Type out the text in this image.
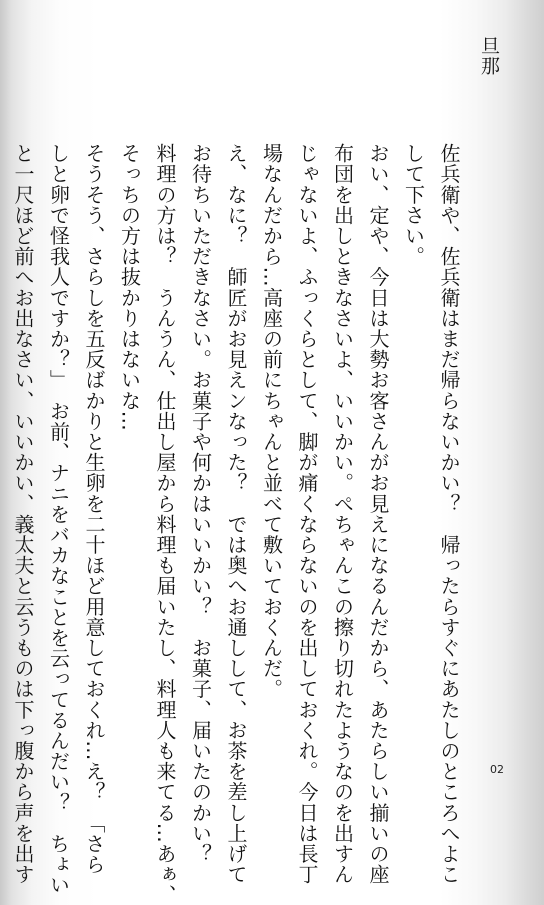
旦那
佐兵衛や、佐兵衛はまだ帰らないかい？　帰ったらすぐにあたしのところへよこ
して下さい。
おい、定や、今日は大勢お客さんがお見えになるんだから、あたらしい揃いの座
布団を出しときなさいよ、いいかい。ぺちゃんこの擦り切れたようなのを出すん
じゃないよ、ふっくらとして、脚が痛くならないのを出しておくれ。今日は長丁
場なんだから…高座の前にちゃんと並べて敷いておくんだ。
え、なに？　師匠がお見えンなった？　では奥へお通しして、お茶を差し上げて
お待ちいただきなさい。お菓子や何かはいいかい？　お菓子、届いたのかい？
料理の方は？　うんうん、仕出し屋から料理も届いたし、料理人も来てる…あぁ、
そっちの方は抜かりはないな…
そうそう、さらしを五反ばかりと生卵を二十ほど用意しておくれ…え？　「さら
しと卵で怪我人ですか？」　お前、ナニをバカなことを云ってるんだい？　ちょい
と一尺ほど前へお出なさい、いいかい、義太夫と云うものは下っ腹から声を出す	02
